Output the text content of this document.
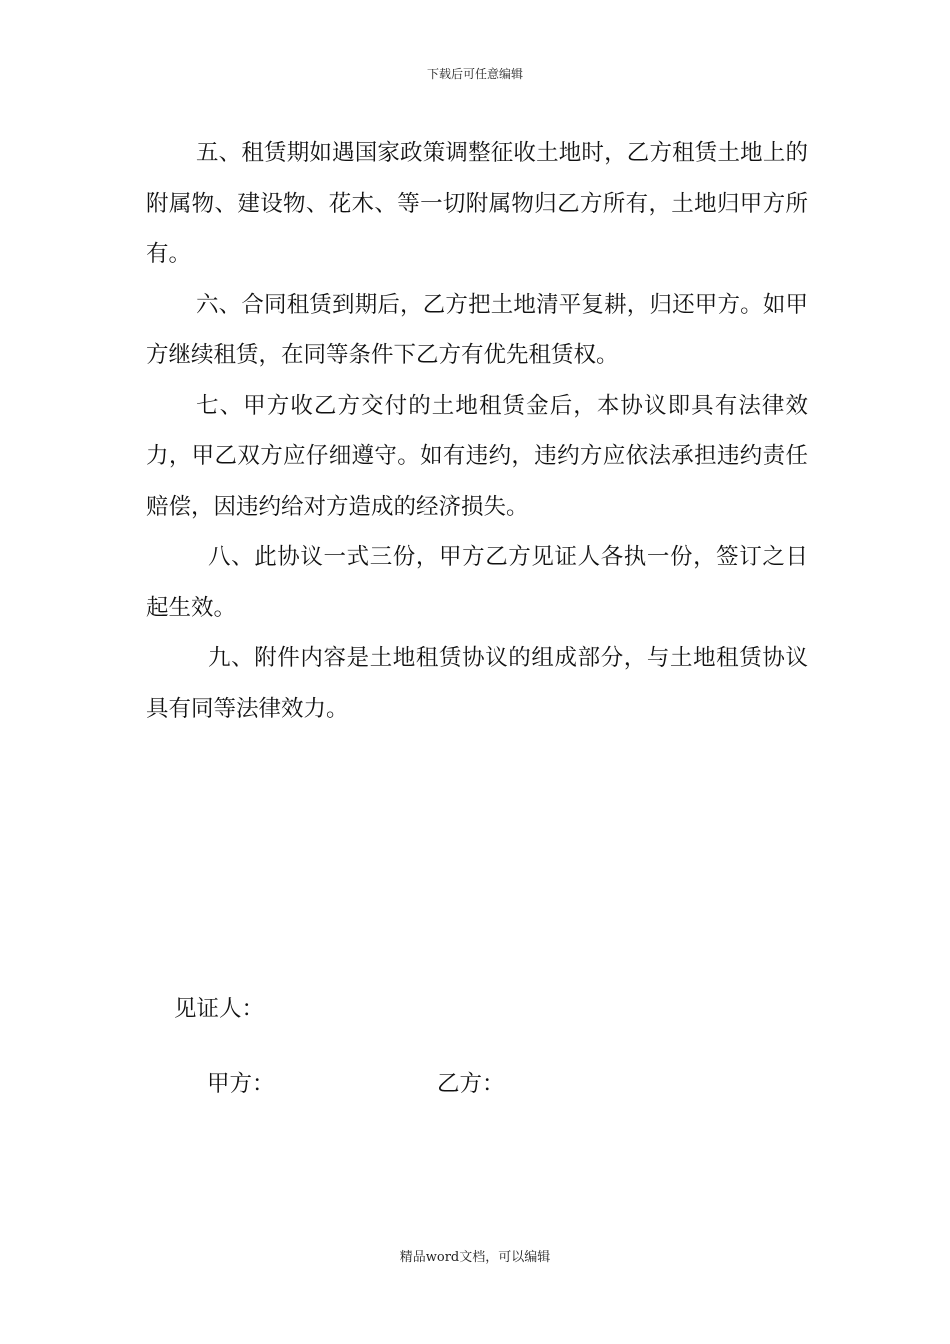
下载后可任意编辑

五、租赁期如遇国家政策调整征收土地时，乙方租赁土地上的附属物、建设物、花木、等一切附属物归乙方所有，土地归甲方所有。

六、合同租赁到期后，乙方把土地清平复耕，归还甲方。如甲方继续租赁，在同等条件下乙方有优先租赁权。

七、甲方收乙方交付的土地租赁金后，本协议即具有法律效力，甲乙双方应仔细遵守。如有违约，违约方应依法承担违约责任赔偿，因违约给对方造成的经济损失。

八、此协议一式三份，甲方乙方见证人各执一份，签订之日起生效。

九、附件内容是土地租赁协议的组成部分，与土地租赁协议具有同等法律效力。

见证人：
甲方：	乙方：
精品word文档，可以编辑
